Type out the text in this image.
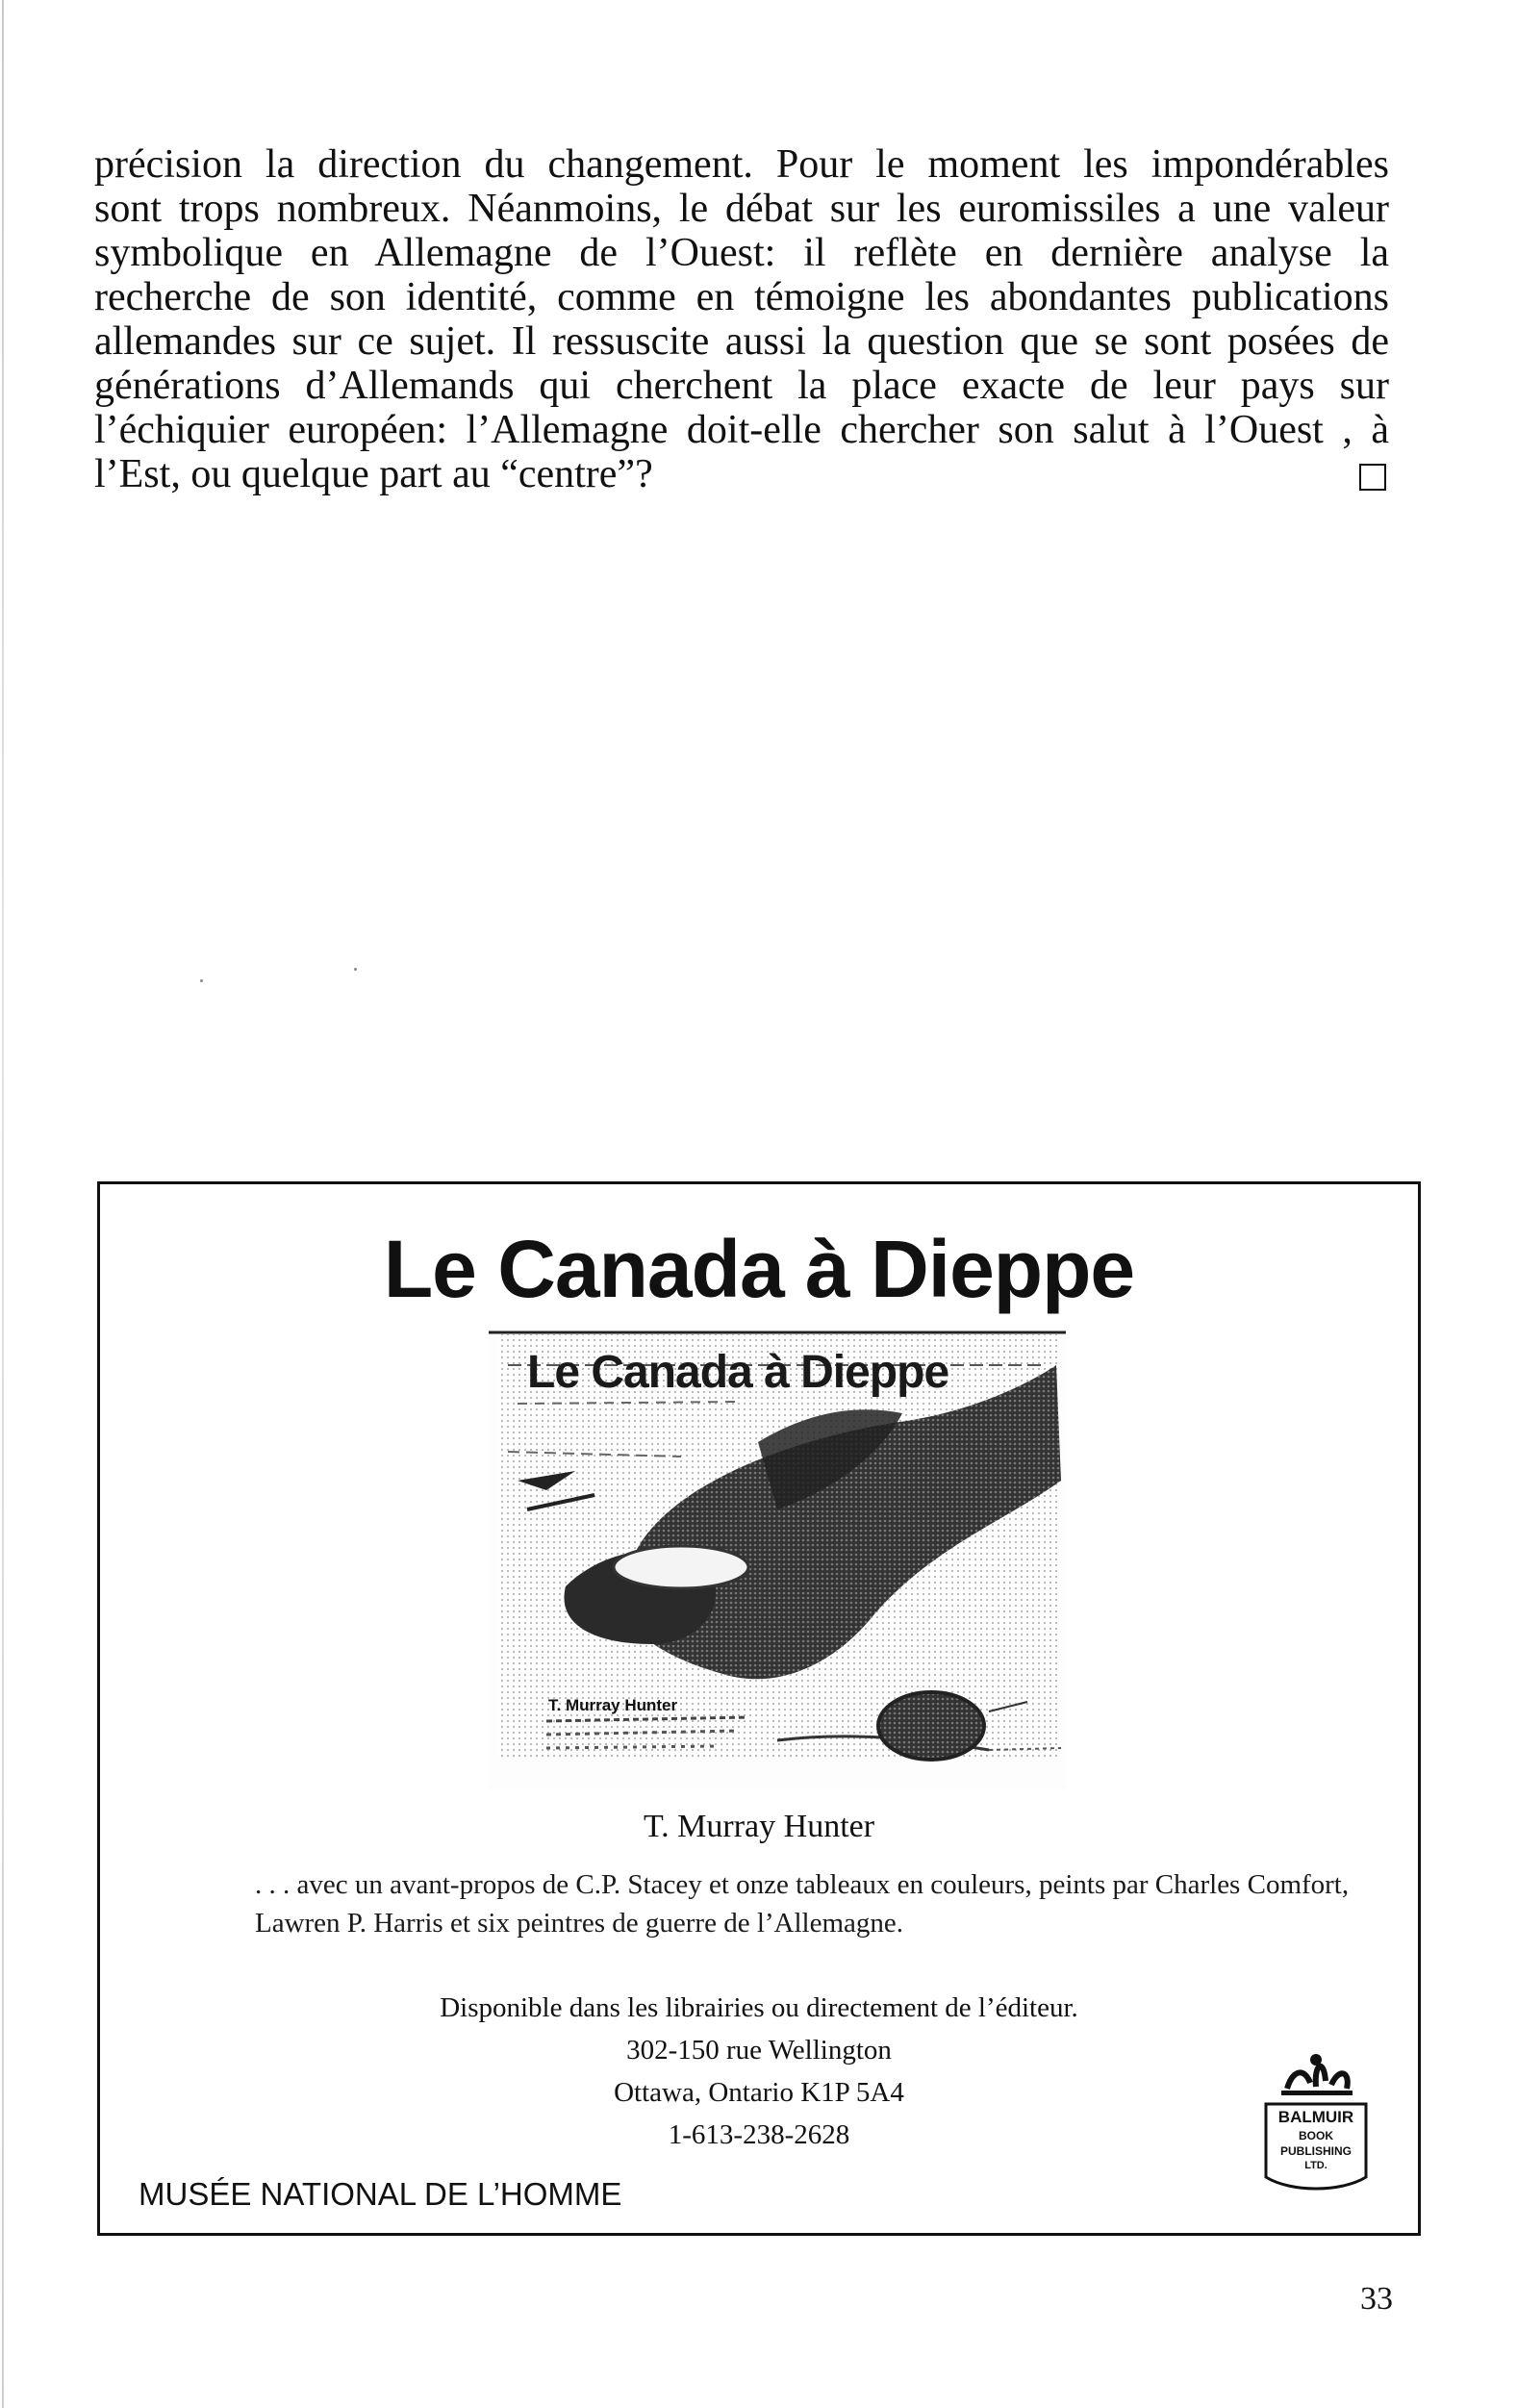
précision la direction du changement. Pour le moment les impondérables
sont trops nombreux. Néanmoins, le débat sur les euromissiles a une valeur
symbolique en Allemagne de l’Ouest: il reflète en dernière analyse la
recherche de son identité, comme en témoigne les abondantes publications
allemandes sur ce sujet. Il ressuscite aussi la question que se sont posées de
générations d’Allemands qui cherchent la place exacte de leur pays sur
l’échiquier européen: l’Allemagne doit-elle chercher son salut à l’Ouest , à
l’Est, ou quelque part au “centre”?
Le Canada à Dieppe
Le Canada à Dieppe
T. Murray Hunter
T. Murray Hunter
. . . avec un avant-propos de C.P. Stacey et onze tableaux en couleurs, peints par Charles Comfort, Lawren P. Harris et six peintres de guerre de l’Allemagne.
Disponible dans les librairies ou directement de l’éditeur.
302-150 rue Wellington
Ottawa, Ontario K1P 5A4
1-613-238-2628
MUSÉE NATIONAL DE L’HOMME
BALMUIR
BOOK
PUBLISHING
LTD.
33
